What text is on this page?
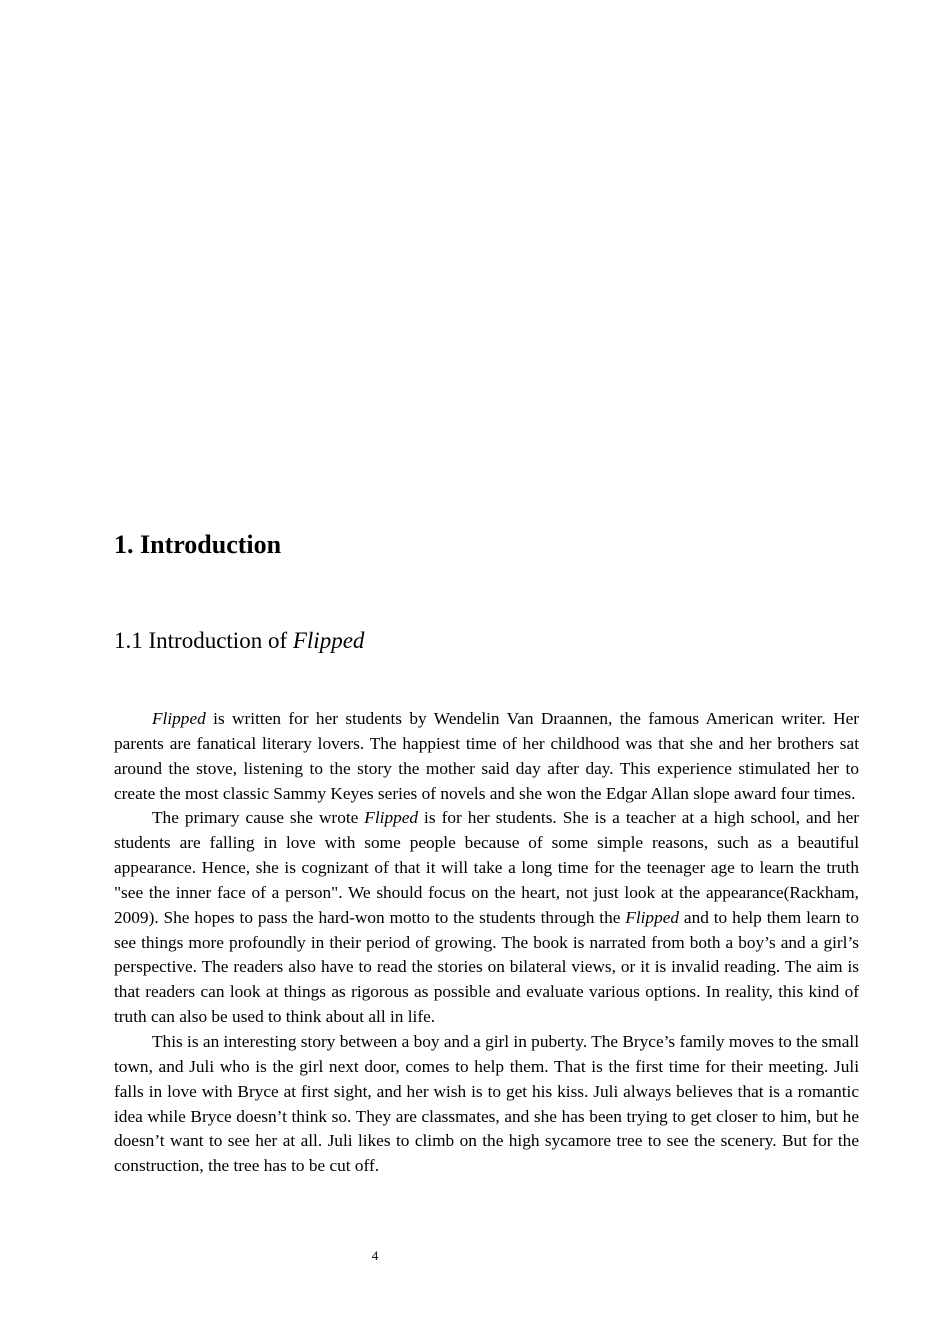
1. Introduction
1.1 Introduction of Flipped

Flipped is written for her students by Wendelin Van Draannen, the famous American writer. Her parents are fanatical literary lovers. The happiest time of her childhood was that she and her brothers sat around the stove, listening to the story the mother said day after day. This experience stimulated her to create the most classic Sammy Keyes series of novels and she won the Edgar Allan slope award four times.

The primary cause she wrote Flipped is for her students. She is a teacher at a high school, and her students are falling in love with some people because of some simple reasons, such as a beautiful appearance. Hence, she is cognizant of that it will take a long time for the teenager age to learn the truth "see the inner face of a person". We should focus on the heart, not just look at the appearance(Rackham, 2009). She hopes to pass the hard-won motto to the students through the Flipped and to help them learn to see things more profoundly in their period of growing. The book is narrated from both a boy’s and a girl’s perspective. The readers also have to read the stories on bilateral views, or it is invalid reading. The aim is that readers can look at things as rigorous as possible and evaluate various options. In reality, this kind of truth can also be used to think about all in life.

This is an interesting story between a boy and a girl in puberty. The Bryce’s family moves to the small town, and Juli who is the girl next door, comes to help them. That is the first time for their meeting. Juli falls in love with Bryce at first sight, and her wish is to get his kiss. Juli always believes that is a romantic idea while Bryce doesn’t think so. They are classmates, and she has been trying to get closer to him, but he doesn’t want to see her at all. Juli likes to climb on the high sycamore tree to see the scenery. But for the construction, the tree has to be cut off.

4
